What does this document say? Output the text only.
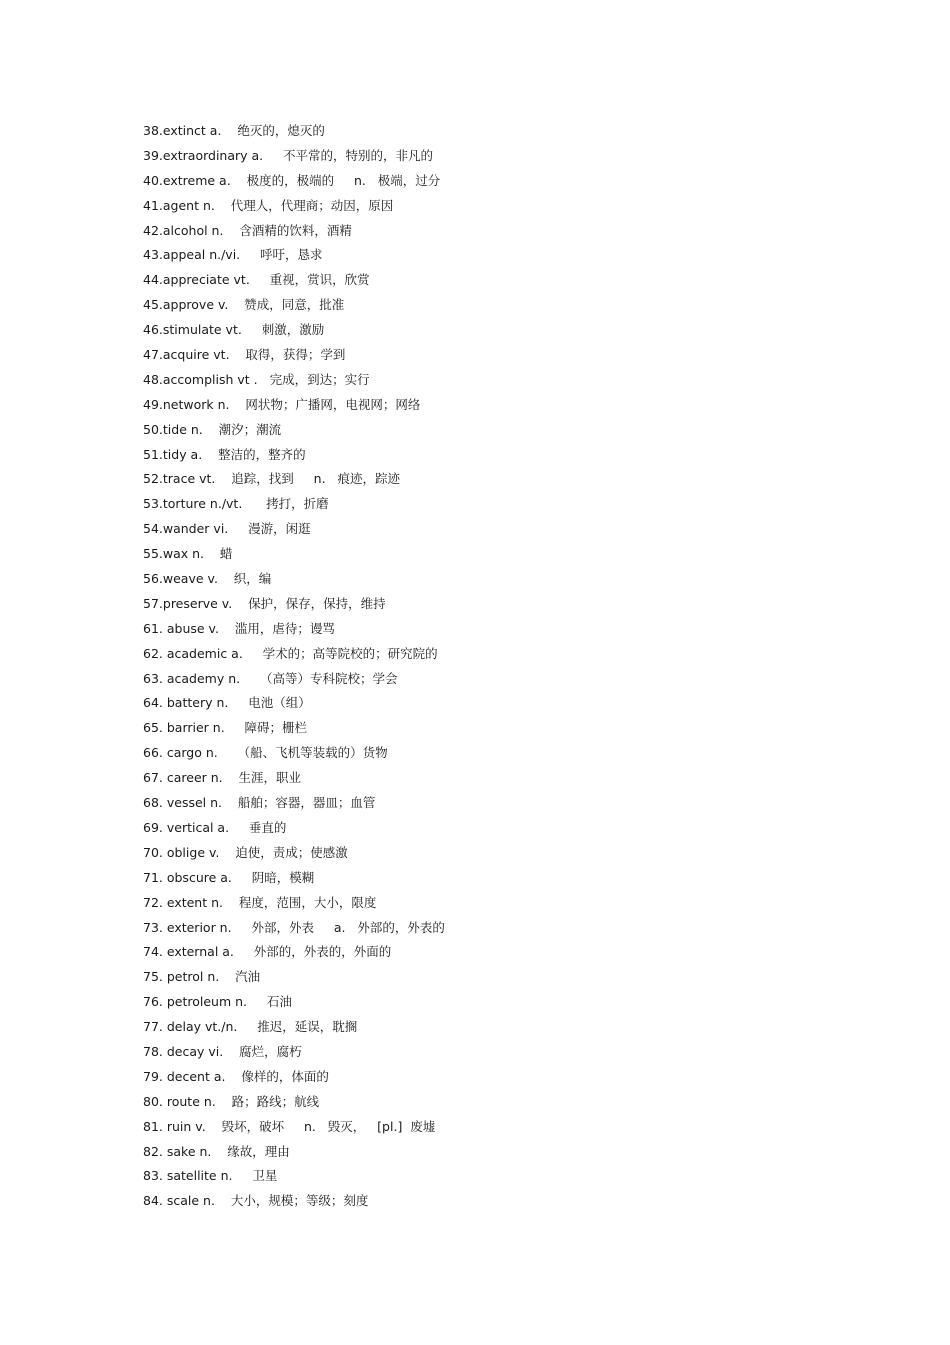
38.extinct a.    绝灭的，熄灭的
39.extraordinary a.     不平常的，特别的，非凡的
40.extreme a.    极度的，极端的     n.   极端，过分
41.agent n.    代理人，代理商；动因，原因
42.alcohol n.    含酒精的饮料，酒精
43.appeal n./vi.     呼吁，恳求
44.appreciate vt.     重视，赏识，欣赏
45.approve v.    赞成，同意，批准
46.stimulate vt.     刺激，激励
47.acquire vt.    取得，获得；学到
48.accomplish vt .   完成，到达；实行
49.network n.    网状物；广播网，电视网；网络
50.tide n.    潮汐；潮流
51.tidy a.    整洁的，整齐的
52.trace vt.    追踪，找到     n.   痕迹，踪迹
53.torture n./vt.      拷打，折磨
54.wander vi.     漫游，闲逛
55.wax n.    蜡
56.weave v.    织，编
57.preserve v.    保护，保存，保持，维持
61. abuse v.    滥用，虐待；谩骂
62. academic a.     学术的；高等院校的；研究院的
63. academy n.     （高等）专科院校；学会
64. battery n.     电池（组）
65. barrier n.     障碍；栅栏
66. cargo n.     （船、飞机等装载的）货物
67. career n.    生涯，职业
68. vessel n.    船舶；容器，器皿；血管
69. vertical a.     垂直的
70. oblige v.    迫使，责成；使感激
71. obscure a.     阴暗，模糊
72. extent n.    程度，范围，大小，限度
73. exterior n.     外部，外表     a.   外部的，外表的
74. external a.     外部的，外表的，外面的
75. petrol n.    汽油
76. petroleum n.     石油
77. delay vt./n.     推迟，延误，耽搁
78. decay vi.    腐烂，腐朽
79. decent a.    像样的，体面的
80. route n.    路；路线；航线
81. ruin v.    毁坏，破坏     n.   毁灭，   [pl.]  废墟
82. sake n.    缘故，理由
83. satellite n.     卫星
84. scale n.    大小，规模；等级；刻度
